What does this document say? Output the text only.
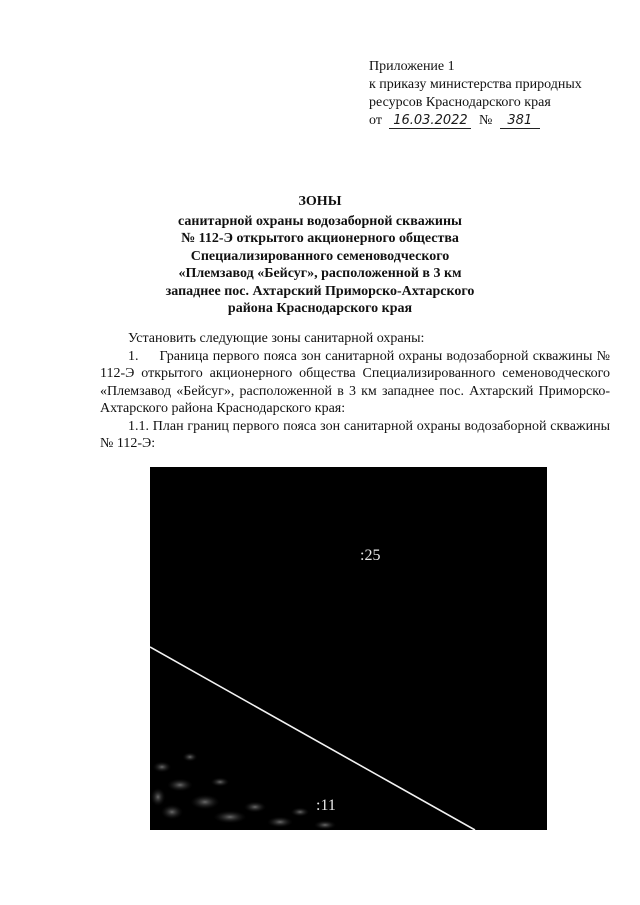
Приложение 1
к приказу министерства природных
ресурсов Краснодарского края
от 16.03.2022 № 381
ЗОНЫ
санитарной охраны водозаборной скважины
№ 112-Э открытого акционерного общества
Специализированного семеноводческого
«Племзавод «Бейсуг», расположенной в 3 км
западнее пос. Ахтарский Приморско-Ахтарского
района Краснодарского края

Установить следующие зоны санитарной охраны:

1.     Граница первого пояса зон санитарной охраны водозаборной скважины № 112-Э открытого акционерного общества Специализированного семеноводческого «Племзавод «Бейсуг», расположенной в 3 км западнее пос. Ахтарский Приморско-Ахтарского района Краснодарского края:

1.1. План границ первого пояса зон санитарной охраны водозаборной скважины № 112-Э:

:25
:11
